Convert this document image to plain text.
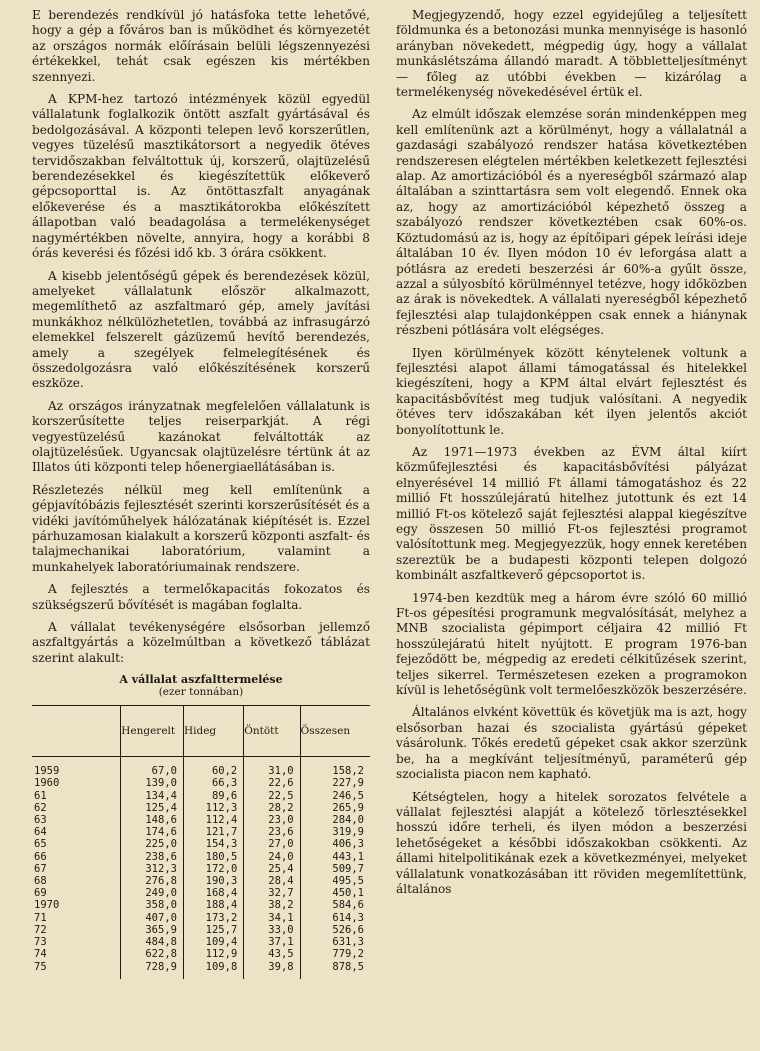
E berendezés rendkívül jó hatásfoka tette lehetővé, hogy a gép a főváros ban is működhet és környezetét az országos normák előírásain belüli légszennyezési értékekkel, tehát csak egészen kis mértékben szennyezi.

A KPM-hez tartozó intézmények közül egyedül vállalatunk foglalkozik öntött aszfalt gyártásával és bedolgozásával. A központi telepen levő korszerűtlen, vegyes tüzelésű masztikátorsort a negyedik ötéves tervidőszakban felváltottuk új, korszerű, olajtüzelésű berendezésekkel és kiegészítettük előkeverő gépcsoporttal is. Az öntöttaszfalt anyagának előkeverése és a masztikátorokba előkészített állapotban való beadagolása a termelékenységet nagymértékben növelte, annyira, hogy a korábbi 8 órás keverési és főzési idő kb. 3 órára csökkent.

A kisebb jelentőségű gépek és berendezések közül, amelyeket vállalatunk először alkalmazott, megemlíthető az aszfaltmaró gép, amely javítási munkákhoz nélkülözhetetlen, továbbá az infrasugárzó elemekkel felszerelt gázüzemű hevítő berendezés, amely a szegélyek felmelegítésének és összedolgozásra való előkészítésének korszerű eszköze.

Az országos irányzatnak megfelelően vállalatunk is korszerűsítette teljes reiserparkját. A régi vegyestüzelésű kazánokat felváltották az olajtüzelésűek. Ugyancsak olajtüzelésre tértünk át az Illatos úti központi telep hőenergiaellátásában is.

Részletezés nélkül meg kell említenünk a gépjavítóbázis fejlesztését szerinti korszerűsítését és a vidéki javítóműhelyek hálózatának kiépítését is. Ezzel párhuzamosan kialakult a korszerű központi aszfalt- és talajmechanikai laboratórium, valamint a munkahelyek laboratóriumainak rendszere.

A fejlesztés a termelőkapacitás fokozatos és szükségszerű bővítését is magában foglalta.

A vállalat tevékenységére elsősorban jellemző aszfaltgyártás a közelmúltban a következő táblázat szerint alakult:

A vállalat aszfalttermelése
(ezer tonnában)
	Hengerelt	Hideg	Öntött	Összesen
1959	67,0	60,2	31,0	158,2
1960	139,0	66,3	22,6	227,9
61	134,4	89,6	22,5	246,5
62	125,4	112,3	28,2	265,9
63	148,6	112,4	23,0	284,0
64	174,6	121,7	23,6	319,9
65	225,0	154,3	27,0	406,3
66	238,6	180,5	24,0	443,1
67	312,3	172,0	25,4	509,7
68	276,8	190,3	28,4	495,5
69	249,0	168,4	32,7	450,1
1970	358,0	188,4	38,2	584,6
71	407,0	173,2	34,1	614,3
72	365,9	125,7	33,0	526,6
73	484,8	109,4	37,1	631,3
74	622,8	112,9	43,5	779,2
75	728,9	109,8	39,8	878,5

Megjegyzendő, hogy ezzel egyidejűleg a teljesített földmunka és a betonozási munka mennyisége is hasonló arányban növekedett, mégpedig úgy, hogy a vállalat munkáslétszáma állandó maradt. A többletteljesítményt — főleg az utóbbi években — kizárólag a termelékenység növekedésével értük el.

Az elmúlt időszak elemzése során mindenképpen meg kell említenünk azt a körülményt, hogy a vállalatnál a gazdasági szabályozó rendszer hatása következtében rendszeresen elégtelen mértékben keletkezett fejlesztési alap. Az amortizációból és a nyereségből származó alap általában a szinttartásra sem volt elegendő. Ennek oka az, hogy az amortizációból képezhető összeg a szabályozó rendszer következtében csak 60%-os. Köztudomású az is, hogy az építőipari gépek leírási ideje általában 10 év. Ilyen módon 10 év leforgása alatt a pótlásra az eredeti beszerzési ár 60%-a gyűlt össze, azzal a súlyosbító körülménnyel tetézve, hogy időközben az árak is növekedtek. A vállalati nyereségből képezhető fejlesztési alap tulajdonképpen csak ennek a hiánynak részbeni pótlására volt elégséges.

Ilyen körülmények között kénytelenek voltunk a fejlesztési alapot állami támogatással és hitelekkel kiegészíteni, hogy a KPM által elvárt fejlesztést és kapacitásbővítést meg tudjuk valósítani. A negyedik ötéves terv időszakában két ilyen jelentős akciót bonyolítottunk le.

Az 1971—1973 években az ÉVM által kiírt közműfejlesztési és kapacitásbővítési pályázat elnyerésével 14 millió Ft állami támogatáshoz és 22 millió Ft hosszúlejáratú hitelhez jutottunk és ezt 14 millió Ft-os kötelező saját fejlesztési alappal kiegészítve egy összesen 50 millió Ft-os fejlesztési programot valósítottunk meg. Megjegyezzük, hogy ennek keretében szereztük be a budapesti központi telepen dolgozó kombinált aszfaltkeverő gépcsoportot is.

1974-ben kezdtük meg a három évre szóló 60 millió Ft-os gépesítési programunk megvalósítását, melyhez a MNB szocialista gépimport céljaira 42 millió Ft hosszúlejáratú hitelt nyújtott. E program 1976-ban fejeződött be, mégpedig az eredeti célkitűzések szerint, teljes sikerrel. Természetesen ezeken a programokon kívül is lehetőségünk volt termelőeszközök beszerzésére.

Általános elvként követtük és követjük ma is azt, hogy elsősorban hazai és szocialista gyártású gépeket vásárolunk. Tőkés eredetű gépeket csak akkor szerzünk be, ha a megkívánt teljesítményű, paraméterű gép szocialista piacon nem kapható.

Kétségtelen, hogy a hitelek sorozatos felvétele a vállalat fejlesztési alapját a kötelező törlesztésekkel hosszú időre terheli, és ilyen módon a beszerzési lehetőségeket a későbbi időszakokban csökkenti. Az állami hitelpolitikának ezek a következményei, melyeket vállalatunk vonatkozásában itt röviden megemlítettünk, általános
